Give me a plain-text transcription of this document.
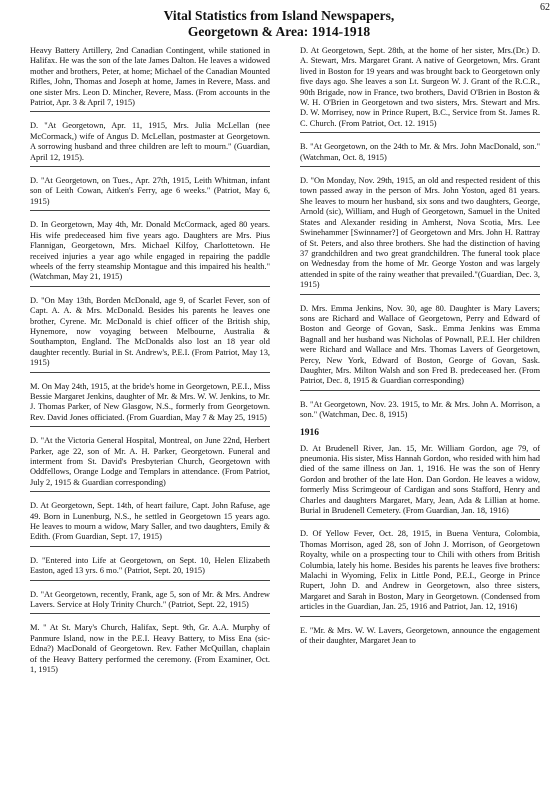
62
Vital Statistics from Island Newspapers,
Georgetown & Area: 1914-1918
Heavy Battery Artillery, 2nd Canadian Contingent, while stationed in Halifax. He was the son of the late James Dalton. He leaves a widowed mother and brothers, Peter, at home; Michael of the Canadian Mounted Rifles, John, Thomas and Joseph at home, James in Revere, Mass. and one sister Mrs. Leon D. Mincher, Revere, Mass. (From accounts in the Patriot, Apr. 3 & April 7, 1915)
D. "At Georgetown, Apr. 11, 1915, Mrs. Julia McLellan (nee McCormack,) wife of Angus D. McLellan, postmaster at Georgetown. A sorrowing husband and three children are left to mourn." (Guardian, April 12, 1915).
D. "At Georgetown, on Tues., Apr. 27th, 1915, Leith Whitman, infant son of Leith Cowan, Aitken's Ferry, age 6 weeks." (Patriot, May 6, 1915)
D. In Georgetown, May 4th, Mr. Donald McCormack, aged 80 years. His wife predeceased him five years ago. Daughters are Mrs. Pius Flannigan, Georgetown, Mrs. Michael Kilfoy, Charlottetown. He received injuries a year ago while engaged in repairing the paddle wheels of the ferry steamship Montague and this impaired his health." (Watchman, May 21, 1915)
D. "On May 13th, Borden McDonald, age 9, of Scarlet Fever, son of Capt. A. A. & Mrs. McDonald. Besides his parents he leaves one brother, Cyrene. Mr. McDonald is chief officer of the British ship, Hynemore, now voyaging between Melbourne, Australia & Southampton, England. The McDonalds also lost an 18 year old daughter recently. Burial in St. Andrew's, P.E.I. (From Patriot, May 13, 1915)
M. On May 24th, 1915, at the bride's home in Georgetown, P.E.I., Miss Bessie Margaret Jenkins, daughter of Mr. & Mrs. W. W. Jenkins, to Mr. J. Thomas Parker, of New Glasgow, N.S., formerly from Georgetown. Rev. David Jones officiated. (From Guardian, May 7 & May 25, 1915)
D. "At the Victoria General Hospital, Montreal, on June 22nd, Herbert Parker, age 22, son of Mr. A. H. Parker, Georgetown. Funeral and interment from St. David's Presbyterian Church, Georgetown with Oddfellows, Orange Lodge and Templars in attendance. (From Patriot, July 2, 1915 & Guardian corresponding)
D. At Georgetown, Sept. 14th, of heart failure, Capt. John Rafuse, age 49. Born in Lunenburg, N.S., he settled in Georgetown 15 years ago. He leaves to mourn a widow, Mary Saller, and two daughters, Emily & Edith. (From Guardian, Sept. 17, 1915)
D. "Entered into Life at Georgetown, on Sept. 10, Helen Elizabeth Easton, aged 13 yrs. 6 mo." (Patriot, Sept. 20, 1915)
D. "At Georgetown, recently, Frank, age 5, son of Mr. & Mrs. Andrew Lavers. Service at Holy Trinity Church." (Patriot, Sept. 22, 1915)
M. " At St. Mary's Church, Halifax, Sept. 9th, Gr. A.A. Murphy of Panmure Island, now in the P.E.I. Heavy Battery, to Miss Ena (sic-Edna?) MacDonald of Georgetown. Rev. Father McQuillan, chaplain of the Heavy Battery performed the ceremony. (From Examiner, Oct. 1, 1915)
D. At Georgetown, Sept. 28th, at the home of her sister, Mrs.(Dr.) D. A. Stewart, Mrs. Margaret Grant. A native of Georgetown, Mrs. Grant lived in Boston for 19 years and was brought back to Georgetown only five days ago. She leaves a son Lt. Surgeon W. J. Grant of the R.C.R., 90th Brigade, now in France, two brothers, David O'Brien in Boston & W. H. O'Brien in Georgetown and two sisters, Mrs. Stewart and Mrs. D. W. Morrisey, now in Prince Rupert, B.C., Service from St. James R. C. Church. (From Patriot, Oct. 12. 1915)
B. "At Georgetown, on the 24th to Mr. & Mrs. John MacDonald, son." (Watchman, Oct. 8, 1915)
D. "On Monday, Nov. 29th, 1915, an old and respected resident of this town passed away in the person of Mrs. John Yoston, aged 81 years. She leaves to mourn her husband, six sons and two daughters, George, Arnold (sic), William, and Hugh of Georgetown, Samuel in the United States and Alexander residing in Amherst, Nova Scotia, Mrs. Lee Swinehammer [Swinnamer?] of Georgetown and Mrs. John H. Rattray of St. Peters, and also three brothers. She had the distinction of having 37 grandchildren and two great grandchildren. The funeral took place on Wednesday from the home of Mr. George Yoston and was largely attended in spite of the rainy weather that prevailed."(Guardian, Dec. 3, 1915)
D. Mrs. Emma Jenkins, Nov. 30, age 80. Daughter is Mary Lavers; sons are Richard and Wallace of Georgetown, Perry and Edward of Boston and George of Govan, Sask.. Emma Jenkins was Emma Bagnall and her husband was Nicholas of Pownall, P.E.I. Her children were Richard and Wallace and Mrs. Thomas Lavers of Georgetown, Percy, New York, Edward of Boston, George of Govan, Sask. Daughter, Mrs. Milton Walsh and son Fred B. predeceased her. (From Patriot, Dec. 8, 1915 & Guardian corresponding)
B. "At Georgetown, Nov. 23. 1915, to Mr. & Mrs. John A. Morrison, a son." (Watchman, Dec. 8, 1915)
1916
D. At Brudenell River, Jan. 15, Mr. William Gordon, age 79, of pneumonia. His sister, Miss Hannah Gordon, who resided with him had died of the same illness on Jan. 1, 1916. He was the son of Henry Gordon and brother of the late Hon. Dan Gordon. He leaves a widow, formerly Miss Scrimgeour of Cardigan and sons Stafford, Henry and Charles and daughters Margaret, Mary, Jean, Ada & Lillian at home. Burial in Brudenell Cemetery. (From Guardian, Jan. 18, 1916)
D. Of Yellow Fever, Oct. 28, 1915, in Buena Ventura, Colombia, Thomas Morrison, aged 28, son of John J. Morrison, of Georgetown Royalty, while on a prospecting tour to Chili with others from British Columbia, lately his home. Besides his parents he leaves five brothers: Malachi in Wyoming, Felix in Little Pond, P.E.I., George in Prince Rupert, John D. and Andrew in Georgetown, also three sisters, Margaret and Sarah in Boston, Mary in Georgetown. (Condensed from articles in the Guardian, Jan. 25, 1916 and Patriot, Jan. 12, 1916)
E. "Mr. & Mrs. W. W. Lavers, Georgetown, announce the engagement of their daughter, Margaret Jean to
